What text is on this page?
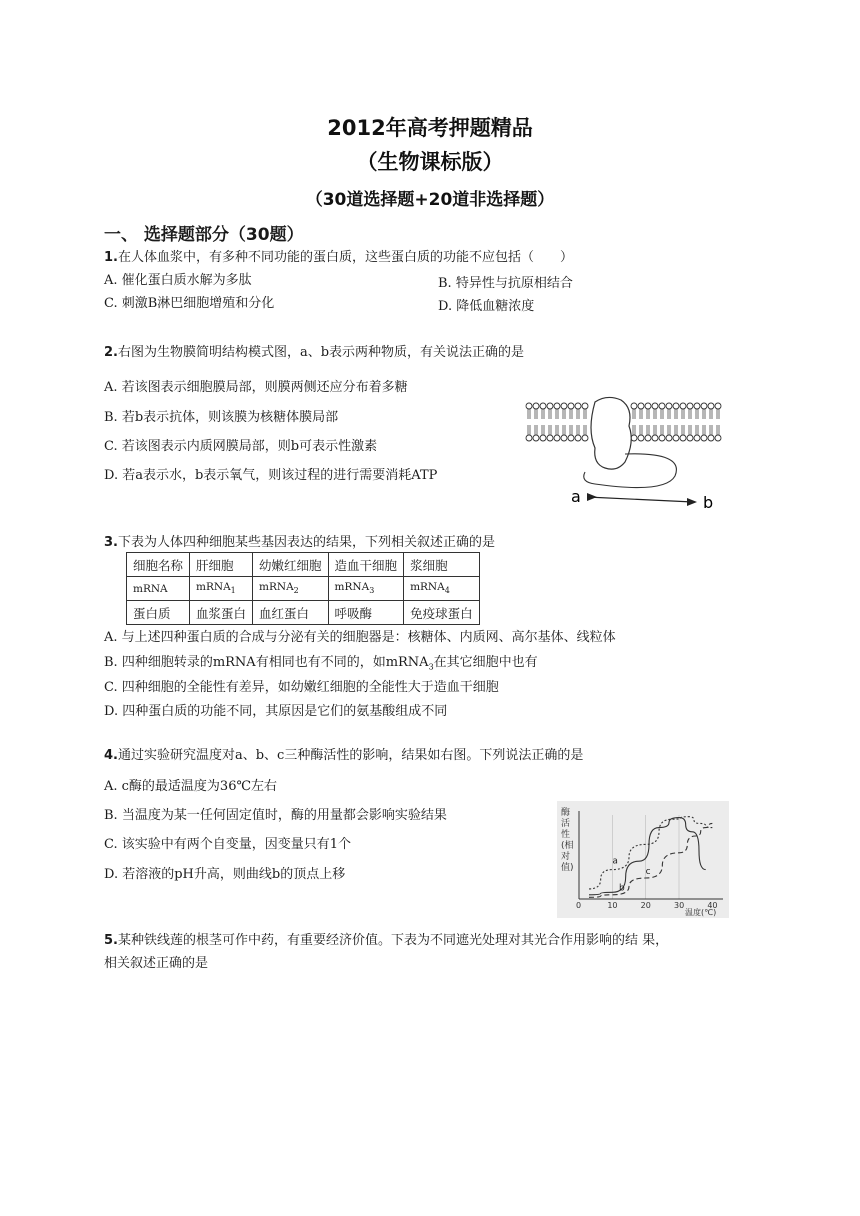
2012年高考押题精品
（生物课标版）
（30道选择题+20道非选择题）
一、 选择题部分（30题）
1.在人体血浆中，有多种不同功能的蛋白质，这些蛋白质的功能不应包括（　　）
A. 催化蛋白质水解为多肽	B. 特异性与抗原相结合
C. 刺激B淋巴细胞增殖和分化	D. 降低血糖浓度
2.右图为生物膜简明结构模式图，a、b表示两种物质，有关说法正确的是
A. 若该图表示细胞膜局部，则膜两侧还应分布着多糖
B. 若b表示抗体，则该膜为核糖体膜局部
C. 若该图表示内质网膜局部，则b可表示性激素
D. 若a表示水，b表示氧气，则该过程的进行需要消耗ATP
a	b
3.下表为人体四种细胞某些基因表达的结果，下列相关叙述正确的是
细胞名称	肝细胞	幼嫩红细胞	造血干细胞	浆细胞
mRNA	mRNA$_1$	mRNA$_2$	mRNA$_3$	mRNA$_4$
蛋白质	血浆蛋白	血红蛋白	呼吸酶	免疫球蛋白
A. 与上述四种蛋白质的合成与分泌有关的细胞器是：核糖体、内质网、高尔基体、线粒体
B. 四种细胞转录的mRNA有相同也有不同的，如mRNA$_3$在其它细胞中也有
C. 四种细胞的全能性有差异，如幼嫩红细胞的全能性大于造血干细胞
D. 四种蛋白质的功能不同，其原因是它们的氨基酸组成不同
4.通过实验研究温度对a、b、c三种酶活性的影响，结果如右图。下列说法正确的是
A. c酶的最适温度为36℃左右
B. 当温度为某一任何固定值时，酶的用量都会影响实验结果
C. 该实验中有两个自变量，因变量只有1个
D. 若溶液的pH升高，则曲线b的顶点上移
酶活性(相对值)
温度(℃)
0	10	20	30	40
a
b
c
5.某种铁线莲的根茎可作中药，有重要经济价值。下表为不同遮光处理对其光合作用影响的结 果，
相关叙述正确的是
